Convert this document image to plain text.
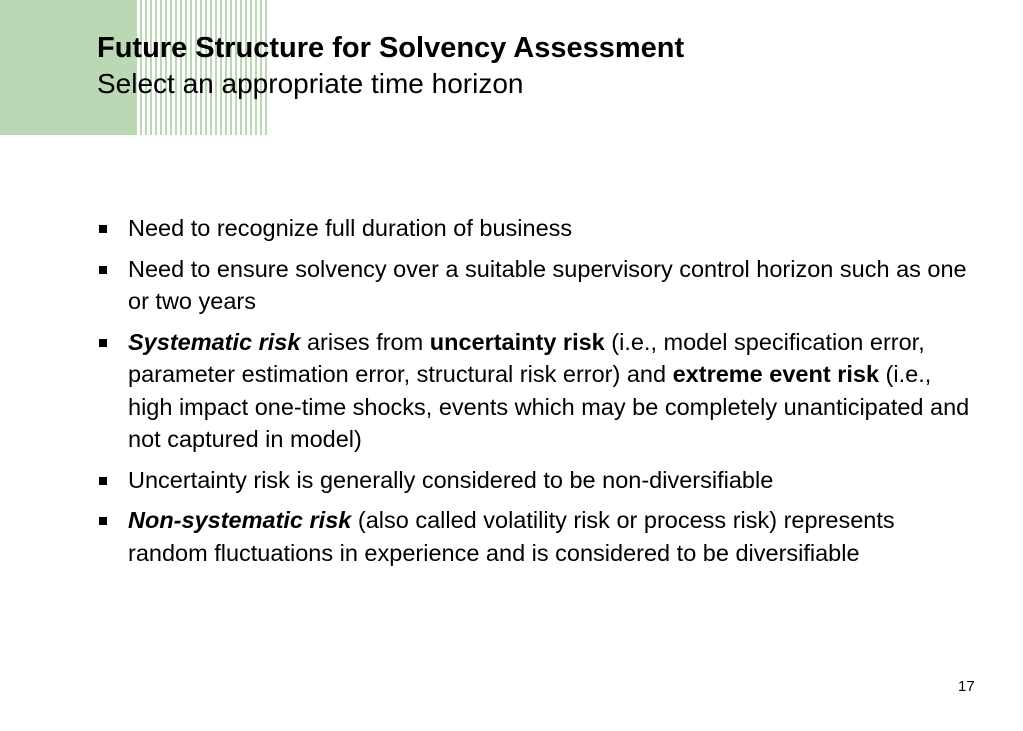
Future Structure for Solvency Assessment
Select an appropriate time horizon
Need to recognize full duration of business
Need to ensure solvency over a suitable supervisory control horizon such as one or two years
Systematic risk arises from uncertainty risk (i.e., model specification error, parameter estimation error, structural risk error) and extreme event risk (i.e., high impact one-time shocks, events which may be completely unanticipated and not captured in model)
Uncertainty risk is generally considered to be non-diversifiable
Non-systematic risk (also called volatility risk or process risk) represents random fluctuations in experience and is considered to be diversifiable
17
